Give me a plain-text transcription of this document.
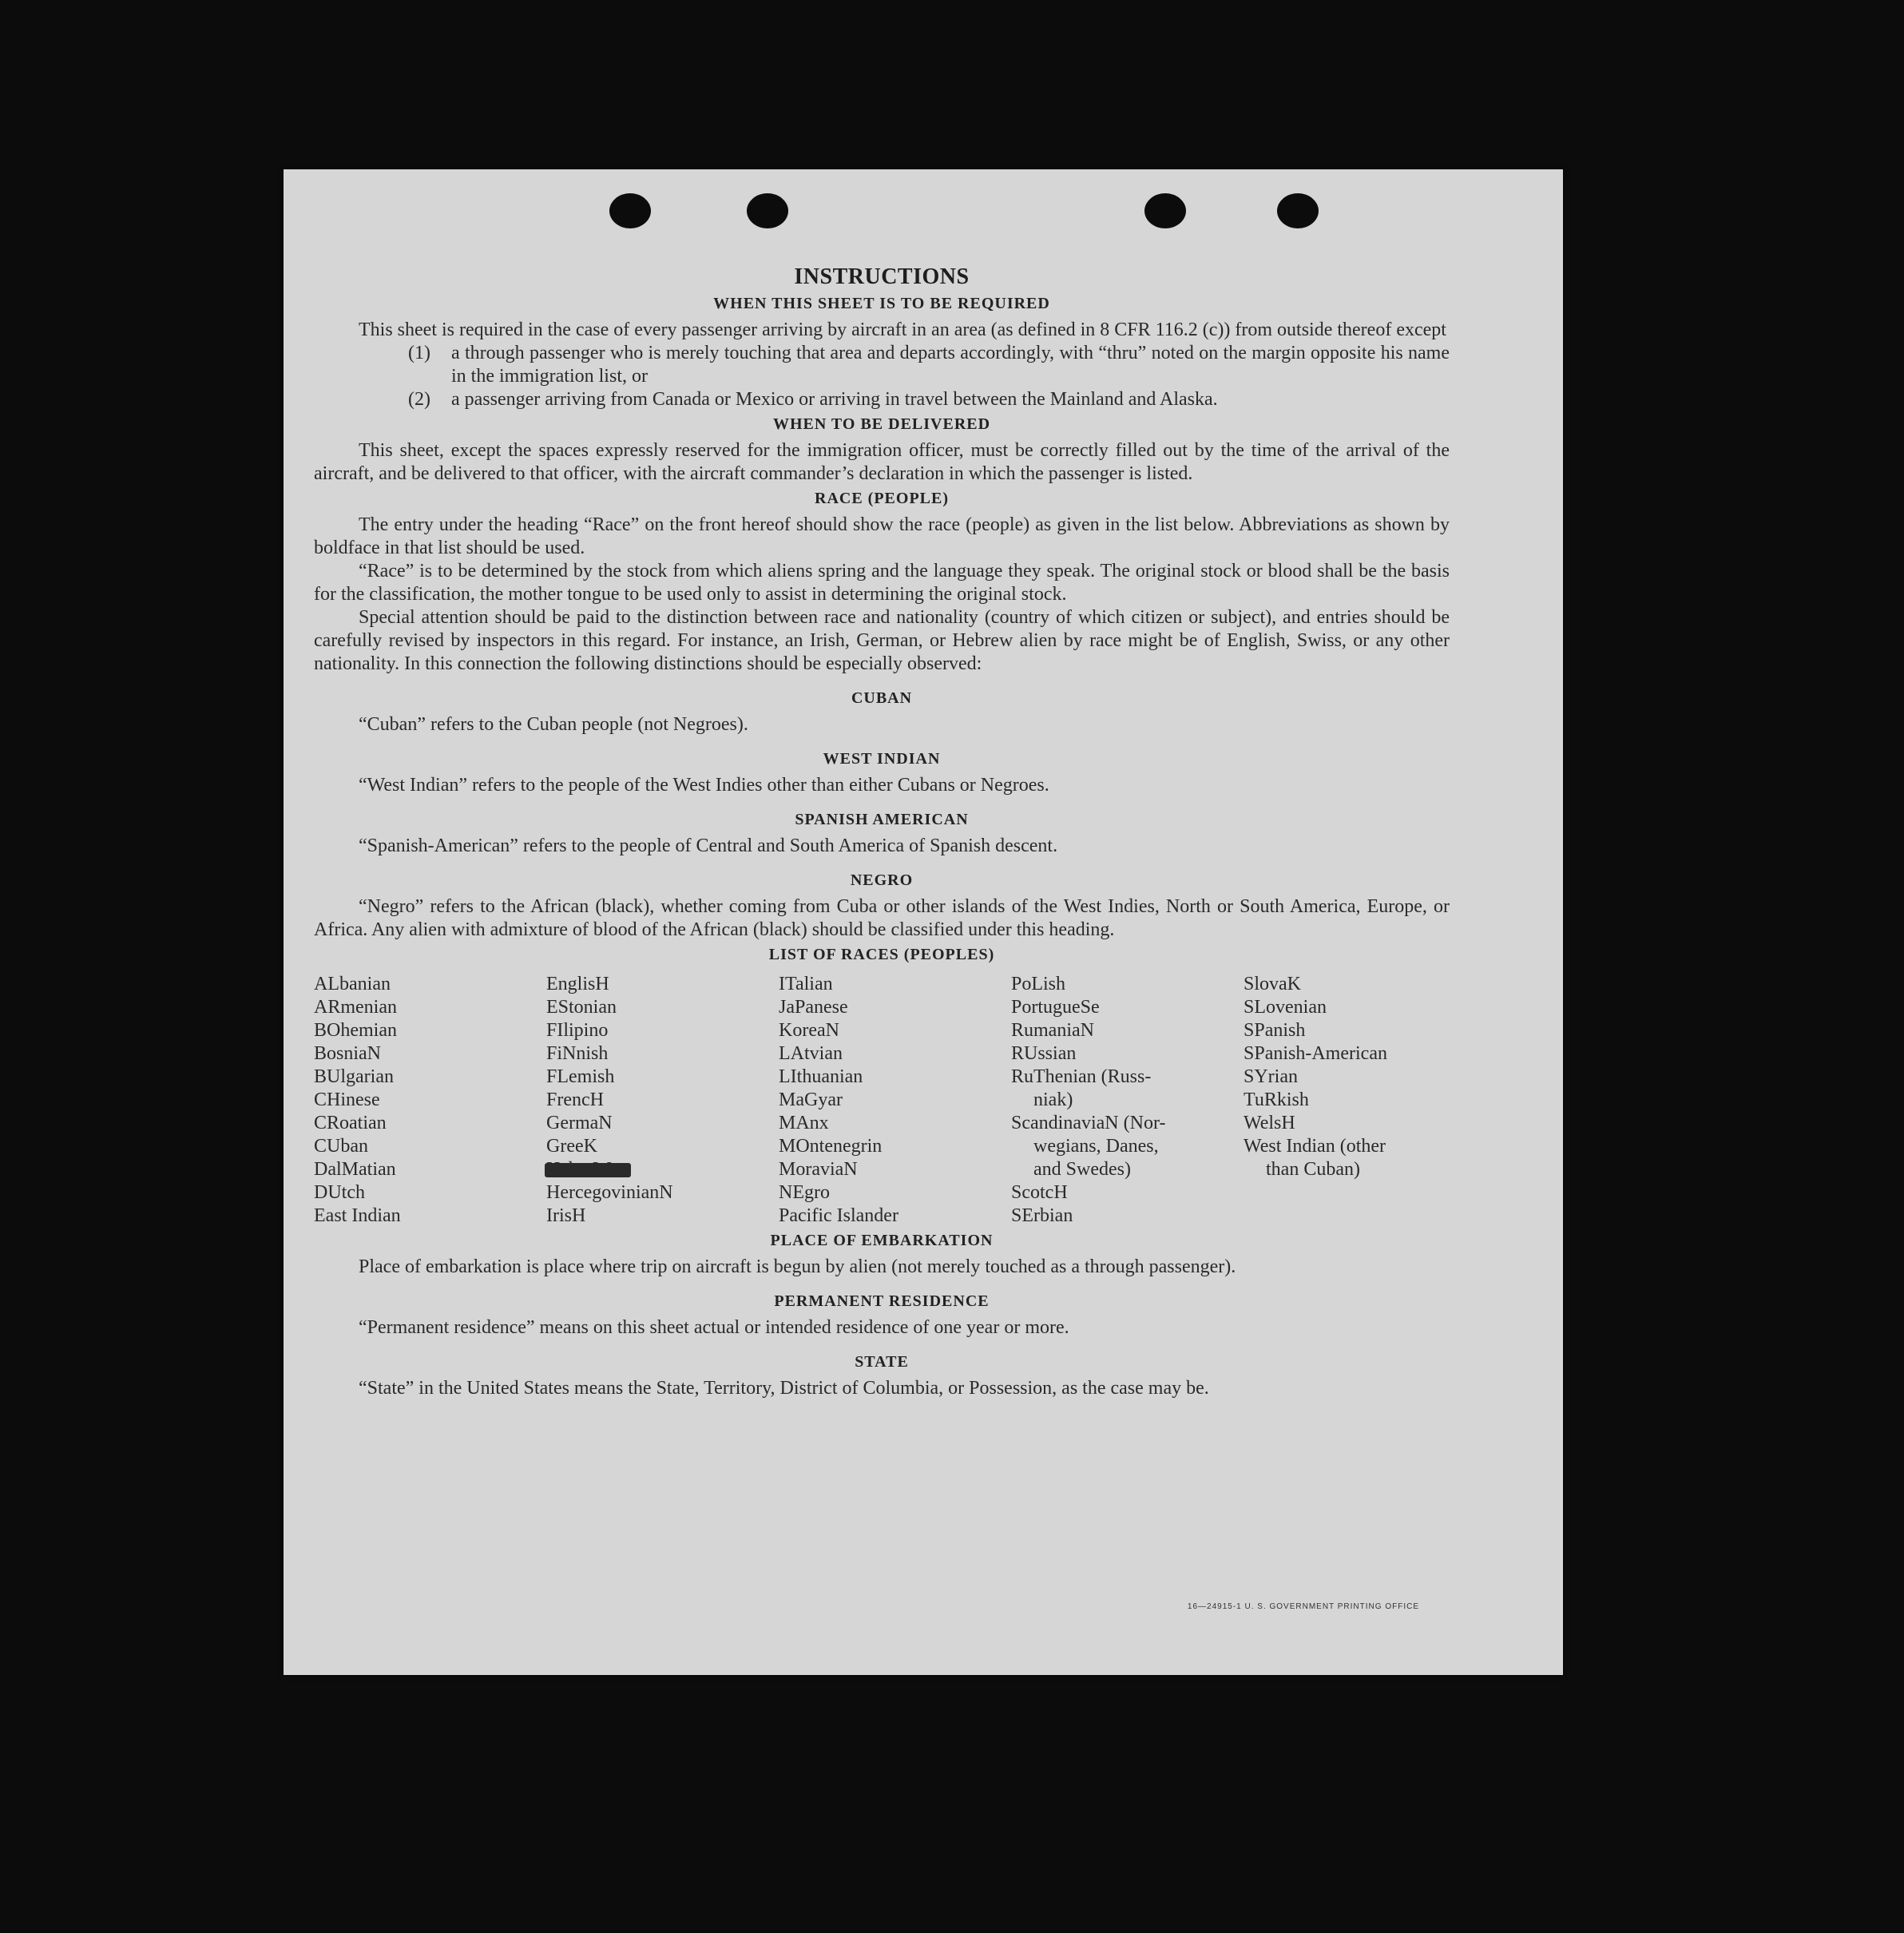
INSTRUCTIONS
WHEN THIS SHEET IS TO BE REQUIRED

This sheet is required in the case of every passenger arriving by aircraft in an area (as defined in 8 CFR 116.2 (c)) from outside thereof except

(1)	a through passenger who is merely touching that area and departs accordingly, with “thru” noted on the margin opposite his name in the immigration list, or
(2)	a passenger arriving from Canada or Mexico or arriving in travel between the Mainland and Alaska.
WHEN TO BE DELIVERED

This sheet, except the spaces expressly reserved for the immigration officer, must be correctly filled out by the time of the arrival of the aircraft, and be delivered to that officer, with the aircraft commander’s declaration in which the passenger is listed.

RACE (PEOPLE)

The entry under the heading “Race” on the front hereof should show the race (people) as given in the list below. Abbreviations as shown by boldface in that list should be used.

“Race” is to be determined by the stock from which aliens spring and the language they speak. The original stock or blood shall be the basis for the classification, the mother tongue to be used only to assist in determining the original stock.

Special attention should be paid to the distinction between race and nationality (country of which citizen or subject), and entries should be carefully revised by inspectors in this regard. For instance, an Irish, German, or Hebrew alien by race might be of English, Swiss, or any other nationality. In this connection the following distinctions should be especially observed:

CUBAN

“Cuban” refers to the Cuban people (not Negroes).

WEST INDIAN

“West Indian” refers to the people of the West Indies other than either Cubans or Negroes.

SPANISH AMERICAN

“Spanish-American” refers to the people of Central and South America of Spanish descent.

NEGRO

“Negro” refers to the African (black), whether coming from Cuba or other islands of the West Indies, North or South America, Europe, or Africa. Any alien with admixture of blood of the African (black) should be classified under this heading.

LIST OF RACES (PEOPLES)
ALbanian
ARmenian
BOhemian
BosniaN
BUlgarian
CHinese
CRoatian
CUban
DalMatian
DUtch
East Indian
EnglisH
EStonian
FIlipino
FiNnish
FLemish
FrencH
GermaN
GreeK
HercegovinianN
IrisH
ITalian
JaPanese
KoreaN
LAtvian
LIthuanian
MaGyar
MAnx
MOntenegrin
MoraviaN
NEgro
Pacific Islander
PoLish
PortugueSe
RumaniaN
RUssian
RuThenian (Russ-
niak)
ScandinaviaN (Nor-
wegians, Danes,
and Swedes)
ScotcH
SErbian
SlovaK
SLovenian
SPanish
SPanish-American
SYrian
TuRkish
WelsH
West Indian (other
than Cuban)
PLACE OF EMBARKATION

Place of embarkation is place where trip on aircraft is begun by alien (not merely touched as a through passenger).

PERMANENT RESIDENCE

“Permanent residence” means on this sheet actual or intended residence of one year or more.

STATE

“State” in the United States means the State, Territory, District of Columbia, or Possession, as the case may be.

16—24915-1 U. S. GOVERNMENT PRINTING OFFICE
